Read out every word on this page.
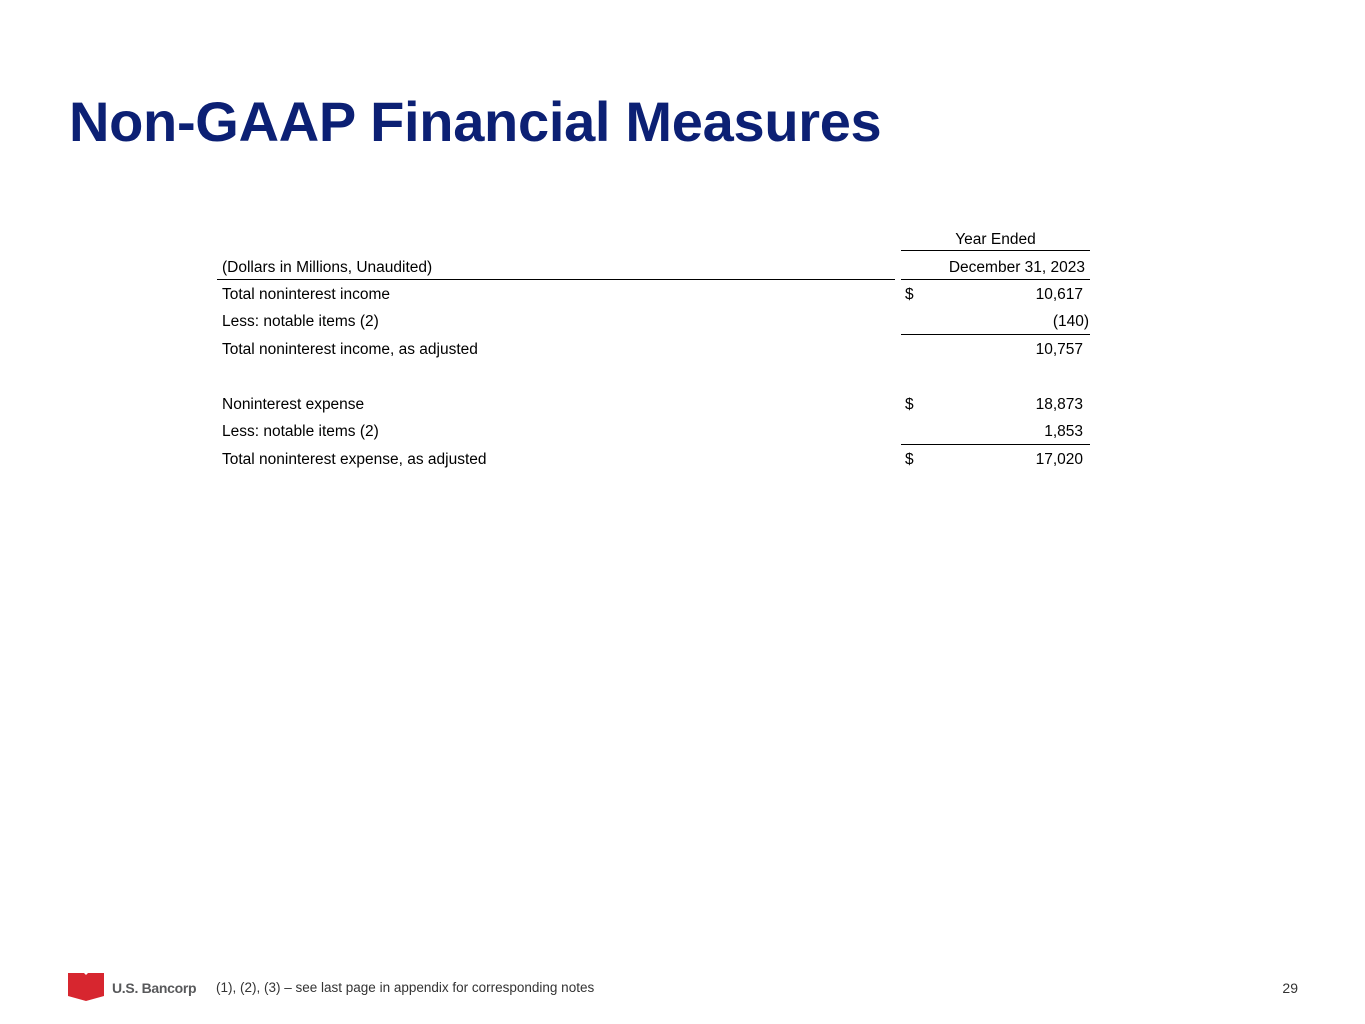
Non-GAAP Financial Measures
Year Ended
(Dollars in Millions, Unaudited)	December 31, 2023
Total noninterest income	$	10,617
Less: notable items (2)	(140)
Total noninterest income, as adjusted	10,757
Noninterest expense	$	18,873
Less: notable items (2)	1,853
Total noninterest expense, as adjusted	$	17,020
U.S. Bancorp (1), (2), (3) – see last page in appendix for corresponding notes	29
